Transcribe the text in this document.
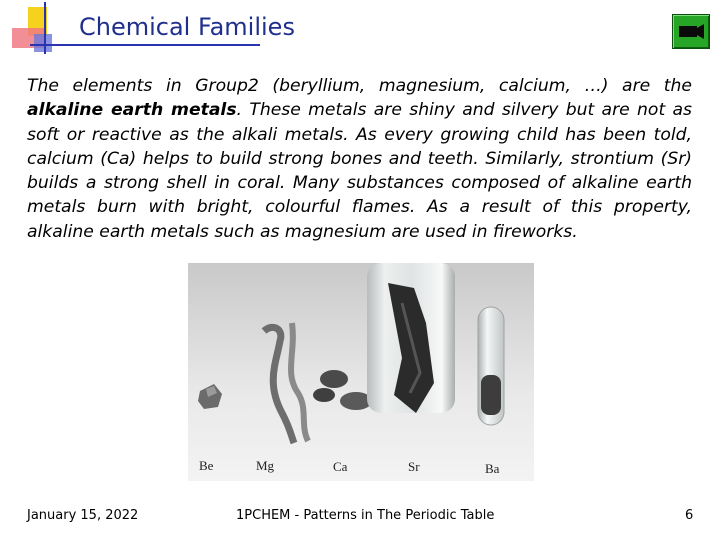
Chemical Families
The elements in Group2 (beryllium, magnesium, calcium, …) are the alkaline earth metals. These metals are shiny and silvery but are not as soft or reactive as the alkali metals. As every growing child has been told, calcium (Ca) helps to build strong bones and teeth. Similarly, strontium (Sr) builds a strong shell in coral. Many substances composed of alkaline earth metals burn with bright, colourful flames. As a result of this property, alkaline earth metals such as magnesium are used in fireworks.
Be	Mg	Ca	Sr	Ba
January 15, 2022	1PCHEM - Patterns in The Periodic Table	6
